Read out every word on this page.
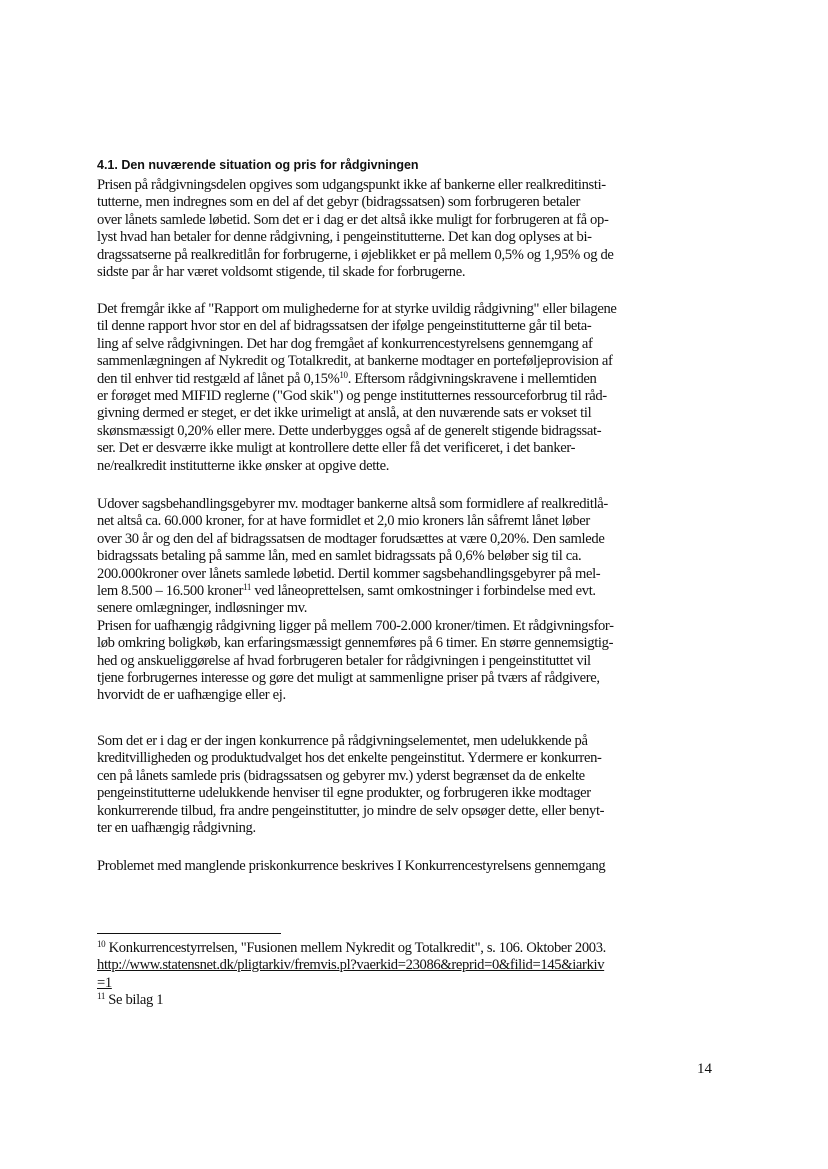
4.1. Den nuværende situation og pris for rådgivningen
Prisen på rådgivningsdelen opgives som udgangspunkt ikke af bankerne eller realkreditinsti-
tutterne, men indregnes som en del af det gebyr (bidragssatsen) som forbrugeren betaler
over lånets samlede løbetid. Som det er i dag er det altså ikke muligt for forbrugeren at få op-
lyst hvad han betaler for denne rådgivning, i pengeinstitutterne. Det kan dog oplyses at bi-
dragssatserne på realkreditlån for forbrugerne, i øjeblikket er på mellem 0,5% og 1,95% og de
sidste par år har været voldsomt stigende, til skade for forbrugerne.
Det fremgår ikke af "Rapport om mulighederne for at styrke uvildig rådgivning" eller bilagene
til denne rapport hvor stor en del af bidragssatsen der ifølge pengeinstitutterne går til beta-
ling af selve rådgivningen. Det har dog fremgået af konkurrencestyrelsens gennemgang af
sammenlægningen af Nykredit og Totalkredit, at bankerne modtager en porteføljeprovision af
den til enhver tid restgæld af lånet på 0,15%$^{10}$. Eftersom rådgivningskravene i mellemtiden
er forøget med MIFID reglerne ("God skik") og penge institutternes ressourceforbrug til råd-
givning dermed er steget, er det ikke urimeligt at anslå, at den nuværende sats er vokset til
skønsmæssigt 0,20% eller mere. Dette underbygges også af de generelt stigende bidragssat-
ser. Det er desværre ikke muligt at kontrollere dette eller få det verificeret, i det banker-
ne/realkredit institutterne ikke ønsker at opgive dette.
Udover sagsbehandlingsgebyrer mv. modtager bankerne altså som formidlere af realkreditlå-
net altså ca. 60.000 kroner, for at have formidlet et 2,0 mio kroners lån såfremt lånet løber
over 30 år og den del af bidragssatsen de modtager forudsættes at være 0,20%. Den samlede
bidragssats betaling på samme lån, med en samlet bidragssats på 0,6% beløber sig til ca.
200.000kroner over lånets samlede løbetid. Dertil kommer sagsbehandlingsgebyrer på mel-
lem 8.500 – 16.500 kroner$^{11}$ ved låneoprettelsen, samt omkostninger i forbindelse med evt.
senere omlægninger, indløsninger mv.
Prisen for uafhængig rådgivning ligger på mellem 700-2.000 kroner/timen. Et rådgivningsfor-
løb omkring boligkøb, kan erfaringsmæssigt gennemføres på 6 timer. En større gennemsigtig-
hed og anskueliggørelse af hvad forbrugeren betaler for rådgivningen i pengeinstituttet vil
tjene forbrugernes interesse og gøre det muligt at sammenligne priser på tværs af rådgivere,
hvorvidt de er uafhængige eller ej.
Som det er i dag er der ingen konkurrence på rådgivningselementet, men udelukkende på
kreditvilligheden og produktudvalget hos det enkelte pengeinstitut. Ydermere er konkurren-
cen på lånets samlede pris (bidragssatsen og gebyrer mv.) yderst begrænset da de enkelte
pengeinstitutterne udelukkende henviser til egne produkter, og forbrugeren ikke modtager
konkurrerende tilbud, fra andre pengeinstitutter, jo mindre de selv opsøger dette, eller benyt-
ter en uafhængig rådgivning.
Problemet med manglende priskonkurrence beskrives I Konkurrencestyrelsens gennemgang
$^{10}$ Konkurrencestyrrelsen, "Fusionen mellem Nykredit og Totalkredit", s. 106. Oktober 2003.
http://www.statensnet.dk/pligtarkiv/fremvis.pl?vaerkid=23086&reprid=0&filid=145&iarkiv
=1
$^{11}$ Se bilag 1
14
